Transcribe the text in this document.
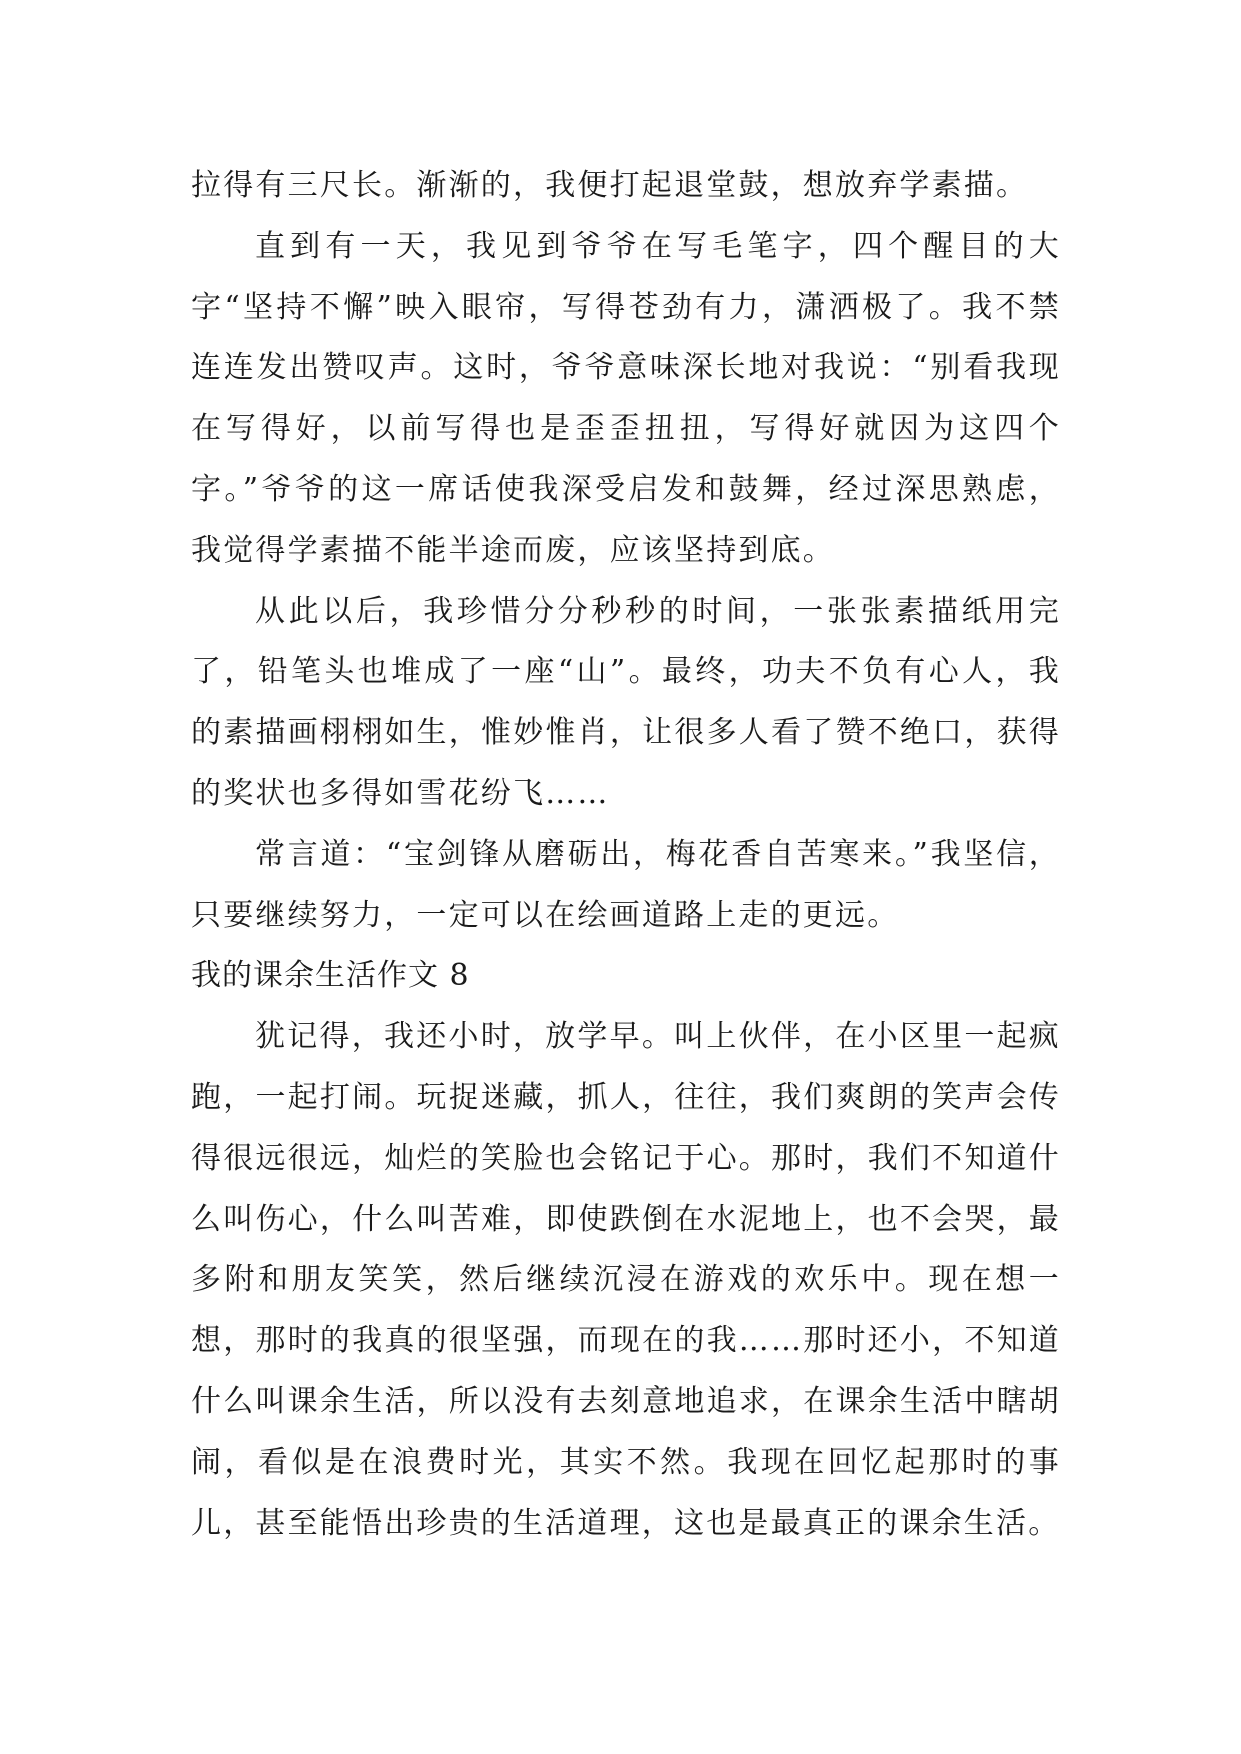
拉得有三尺长。渐渐的，我便打起退堂鼓，想放弃学素描。

直到有一天，我见到爷爷在写毛笔字，四个醒目的大字“坚持不懈”映入眼帘，写得苍劲有力，潇洒极了。我不禁连连发出赞叹声。这时，爷爷意味深长地对我说：“别看我现在写得好，以前写得也是歪歪扭扭，写得好就因为这四个字。”爷爷的这一席话使我深受启发和鼓舞，经过深思熟虑，我觉得学素描不能半途而废，应该坚持到底。

从此以后，我珍惜分分秒秒的时间，一张张素描纸用完了，铅笔头也堆成了一座“山”。最终，功夫不负有心人，我的素描画栩栩如生，惟妙惟肖，让很多人看了赞不绝口，获得的奖状也多得如雪花纷飞……

常言道：“宝剑锋从磨砺出，梅花香自苦寒来。”我坚信，只要继续努力，一定可以在绘画道路上走的更远。

我的课余生活作文 8

犹记得，我还小时，放学早。叫上伙伴，在小区里一起疯跑，一起打闹。玩捉迷藏，抓人，往往，我们爽朗的笑声会传得很远很远，灿烂的笑脸也会铭记于心。那时，我们不知道什么叫伤心，什么叫苦难，即使跌倒在水泥地上，也不会哭，最多附和朋友笑笑，然后继续沉浸在游戏的欢乐中。现在想一想，那时的我真的很坚强，而现在的我……那时还小，不知道什么叫课余生活，所以没有去刻意地追求，在课余生活中瞎胡闹，看似是在浪费时光，其实不然。我现在回忆起那时的事儿，甚至能悟出珍贵的生活道理，这也是最真正的课余生活。
